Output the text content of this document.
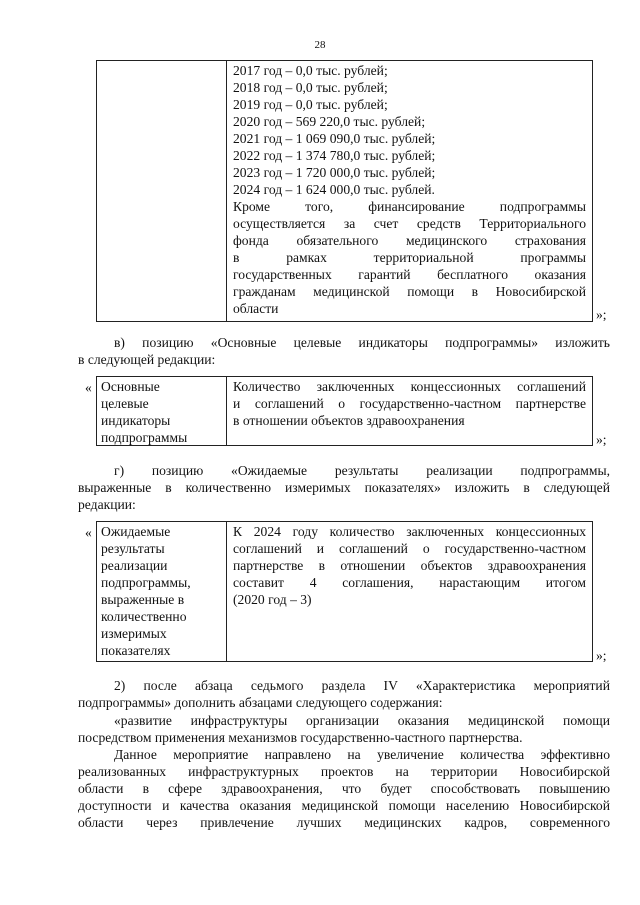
28
2017 год – 0,0 тыс. рублей;
2018 год – 0,0 тыс. рублей;
2019 год – 0,0 тыс. рублей;
2020 год – 569 220,0 тыс. рублей;
2021 год – 1 069 090,0 тыс. рублей;
2022 год – 1 374 780,0 тыс. рублей;
2023 год – 1 720 000,0 тыс. рублей;
2024 год – 1 624 000,0 тыс. рублей.
Кроме того, финансирование подпрограммы
осуществляется за счет средств Территориального
фонда обязательного медицинского страхования
в рамках территориальной программы
государственных гарантий бесплатного оказания
гражданам медицинской помощи в Новосибирской
области	»;
в) позицию «Основные целевые индикаторы подпрограммы» изложить
в следующей редакции:
« Основные
целевые
индикаторы
подпрограммы
Количество заключенных концессионных соглашений
и соглашений о государственно-частном партнерстве
в отношении объектов здравоохранения
»;
г) позицию «Ожидаемые результаты реализации подпрограммы,
выраженные в количественно измеримых показателях» изложить в следующей
редакции:
« Ожидаемые
результаты
реализации
подпрограммы,
выраженные в
количественно
измеримых
показателях
К 2024 году количество заключенных концессионных
соглашений и соглашений о государственно-частном
партнерстве в отношении объектов здравоохранения
составит 4 соглашения, нарастающим итогом
(2020 год – 3)
»;
2) после абзаца седьмого раздела IV «Характеристика мероприятий
подпрограммы» дополнить абзацами следующего содержания:
«развитие инфраструктуры организации оказания медицинской помощи
посредством применения механизмов государственно-частного партнерства.
Данное мероприятие направлено на увеличение количества эффективно
реализованных инфраструктурных проектов на территории Новосибирской
области в сфере здравоохранения, что будет способствовать повышению
доступности и качества оказания медицинской помощи населению Новосибирской
области через привлечение лучших медицинских кадров, современного
